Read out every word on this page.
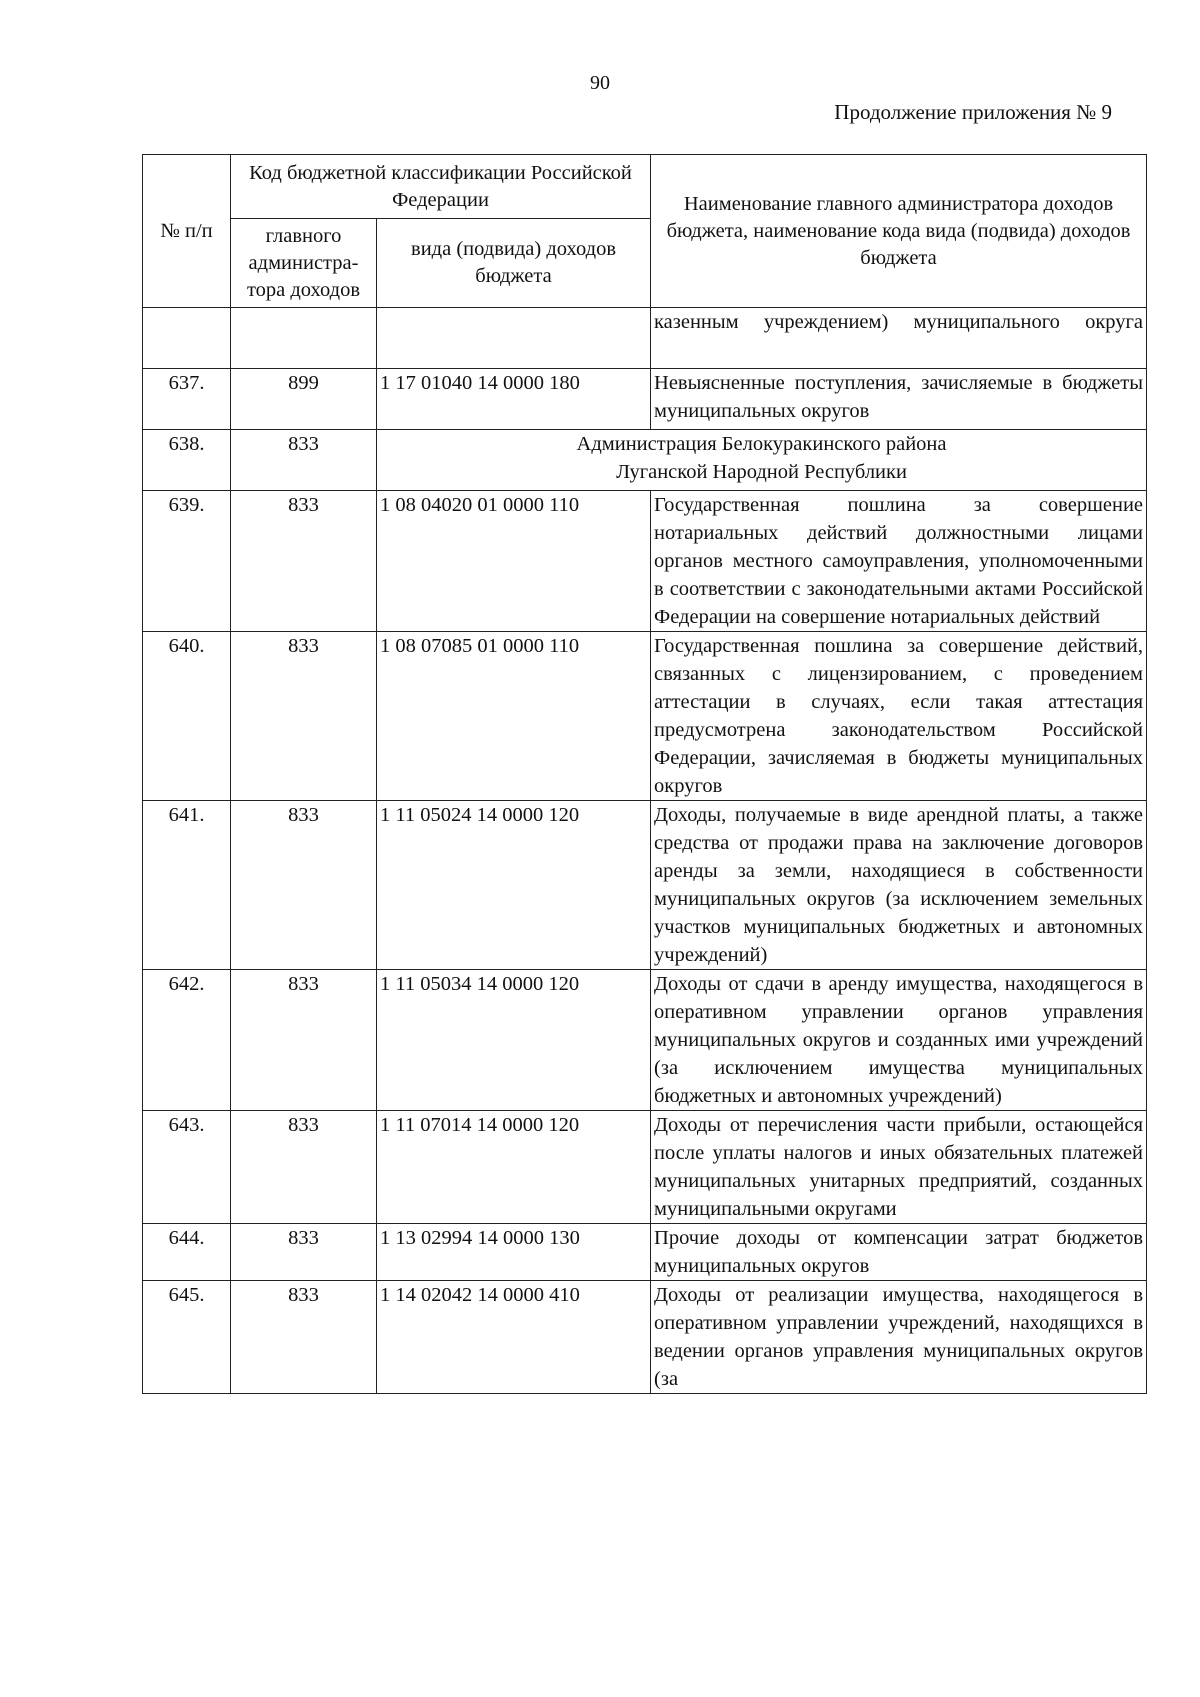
90
Продолжение приложения № 9
№ п/п	Код бюджетной классификации Российской Федерации		Наименование главного администратора доходов бюджета, наименование кода вида (подвида) доходов бюджета
	главного администра-тора доходов	вида (подвида) доходов бюджета	
			казенным учреждением) муниципального округа
637.	899	1 17 01040 14 0000 180	Невыясненные поступления, зачисляемые в бюджеты муниципальных округов
638.	833	Администрация Белокуракинского района
Луганской Народной Республики	

639.	833	1 08 04020 01 0000 110	Государственная пошлина за совершение нотариальных действий должностными лицами органов местного самоуправления, уполномоченными в соответствии с законодательными актами Российской Федерации на совершение нотариальных действий
640.	833	1 08 07085 01 0000 110	Государственная пошлина за совершение действий, связанных с лицензированием, с проведением аттестации в случаях, если такая аттестация предусмотрена законодательством Российской Федерации, зачисляемая в бюджеты муниципальных округов
641.	833	1 11 05024 14 0000 120	Доходы, получаемые в виде арендной платы, а также средства от продажи права на заключение договоров аренды за земли, находящиеся в собственности муниципальных округов (за исключением земельных участков муниципальных бюджетных и автономных учреждений)
642.	833	1 11 05034 14 0000 120	Доходы от сдачи в аренду имущества, находящегося в оперативном управлении органов управления муниципальных округов и созданных ими учреждений (за исключением имущества муниципальных бюджетных и автономных учреждений)
643.	833	1 11 07014 14 0000 120	Доходы от перечисления части прибыли, остающейся после уплаты налогов и иных обязательных платежей муниципальных унитарных предприятий, созданных муниципальными округами
644.	833	1 13 02994 14 0000 130	Прочие доходы от компенсации затрат бюджетов муниципальных округов
645.	833	1 14 02042 14 0000 410	Доходы от реализации имущества, находящегося в оперативном управлении учреждений, находящихся в ведении органов управления муниципальных округов (за
